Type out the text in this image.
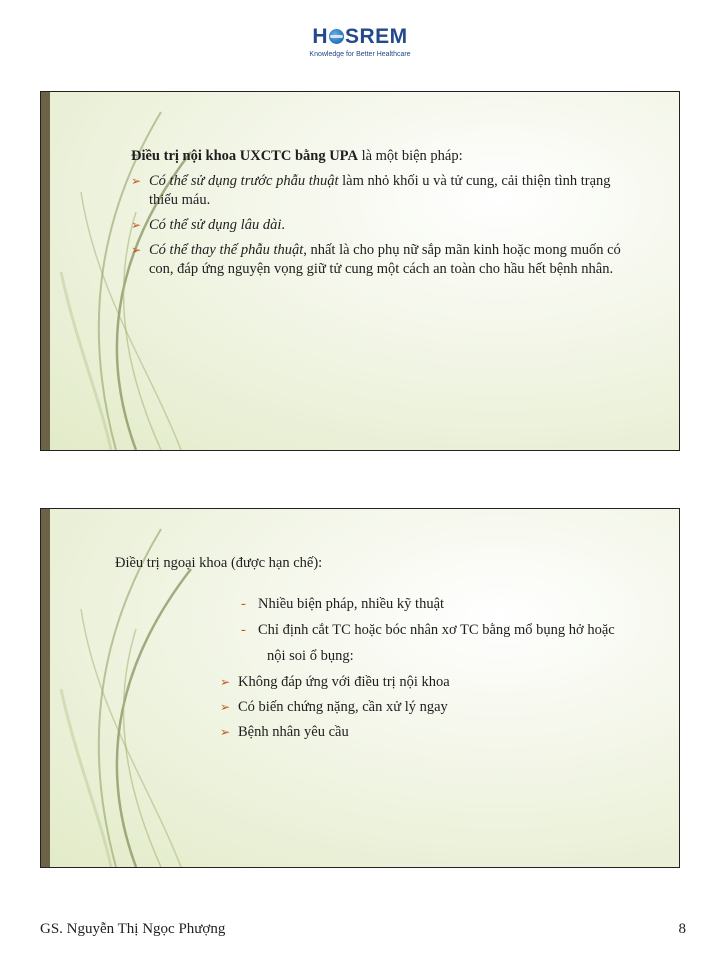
H SREM
Knowledge for Better Healthcare
Điều trị nội khoa UXCTC bằng UPA là một biện pháp:
➢ Có thể sử dụng trước phẫu thuật làm nhỏ khối u và tử cung, cải thiện tình trạng thiếu máu.
➢ Có thể sử dụng lâu dài.
➢ Có thể thay thế phẫu thuật, nhất là cho phụ nữ sắp mãn kinh hoặc mong muốn có con, đáp ứng nguyện vọng giữ tử cung một cách an toàn cho hầu hết bệnh nhân.
Điều trị ngoại khoa (được hạn chế):
- Nhiều biện pháp, nhiều kỹ thuật
- Chỉ định cắt TC hoặc bóc nhân xơ TC bằng mổ bụng hở hoặc
nội soi ổ bụng:
➢ Không đáp ứng với điều trị nội khoa
➢ Có biến chứng nặng, cần xử lý ngay
➢ Bệnh nhân yêu cầu
GS. Nguyễn Thị Ngọc Phượng	8
